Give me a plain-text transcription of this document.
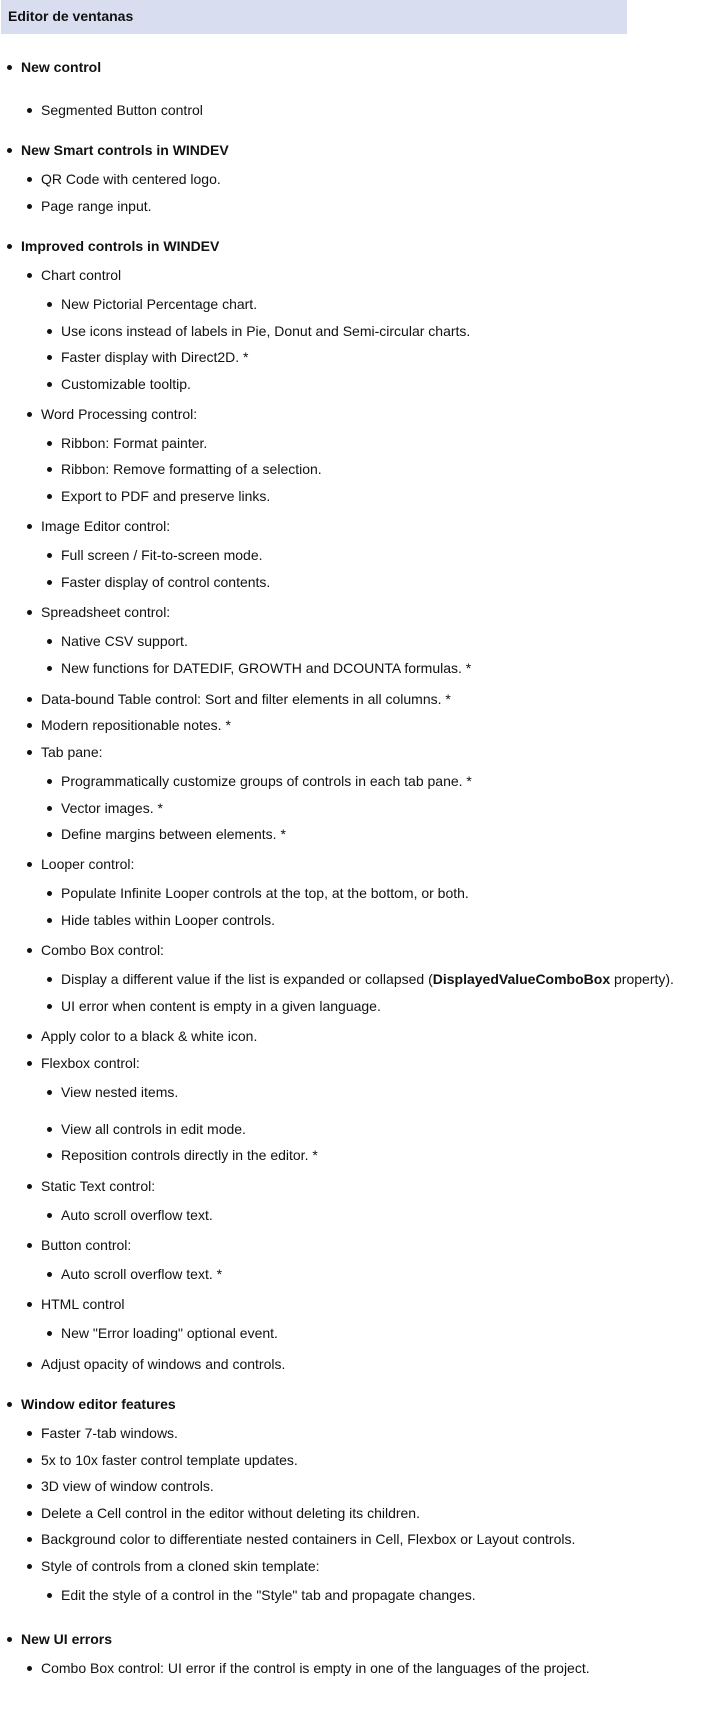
Editor de ventanas
New control
Segmented Button control
New Smart controls in WINDEV
QR Code with centered logo.
Page range input.
Improved controls in WINDEV
Chart control
New Pictorial Percentage chart.
Use icons instead of labels in Pie, Donut and Semi-circular charts.
Faster display with Direct2D. *
Customizable tooltip.
Word Processing control:
Ribbon: Format painter.
Ribbon: Remove formatting of a selection.
Export to PDF and preserve links.
Image Editor control:
Full screen / Fit-to-screen mode.
Faster display of control contents.
Spreadsheet control:
Native CSV support.
New functions for DATEDIF, GROWTH and DCOUNTA formulas. *
Data-bound Table control: Sort and filter elements in all columns. *
Modern repositionable notes. *
Tab pane:
Programmatically customize groups of controls in each tab pane. *
Vector images. *
Define margins between elements. *
Looper control:
Populate Infinite Looper controls at the top, at the bottom, or both.
Hide tables within Looper controls.
Combo Box control:
Display a different value if the list is expanded or collapsed (DisplayedValueComboBox property).
UI error when content is empty in a given language.
Apply color to a black & white icon.
Flexbox control:
View nested items.
View all controls in edit mode.
Reposition controls directly in the editor. *
Static Text control:
Auto scroll overflow text.
Button control:
Auto scroll overflow text. *
HTML control
New "Error loading" optional event.
Adjust opacity of windows and controls.
Window editor features
Faster 7-tab windows.
5x to 10x faster control template updates.
3D view of window controls.
Delete a Cell control in the editor without deleting its children.
Background color to differentiate nested containers in Cell, Flexbox or Layout controls.
Style of controls from a cloned skin template:
Edit the style of a control in the "Style" tab and propagate changes.
New UI errors
Combo Box control: UI error if the control is empty in one of the languages of the project.
